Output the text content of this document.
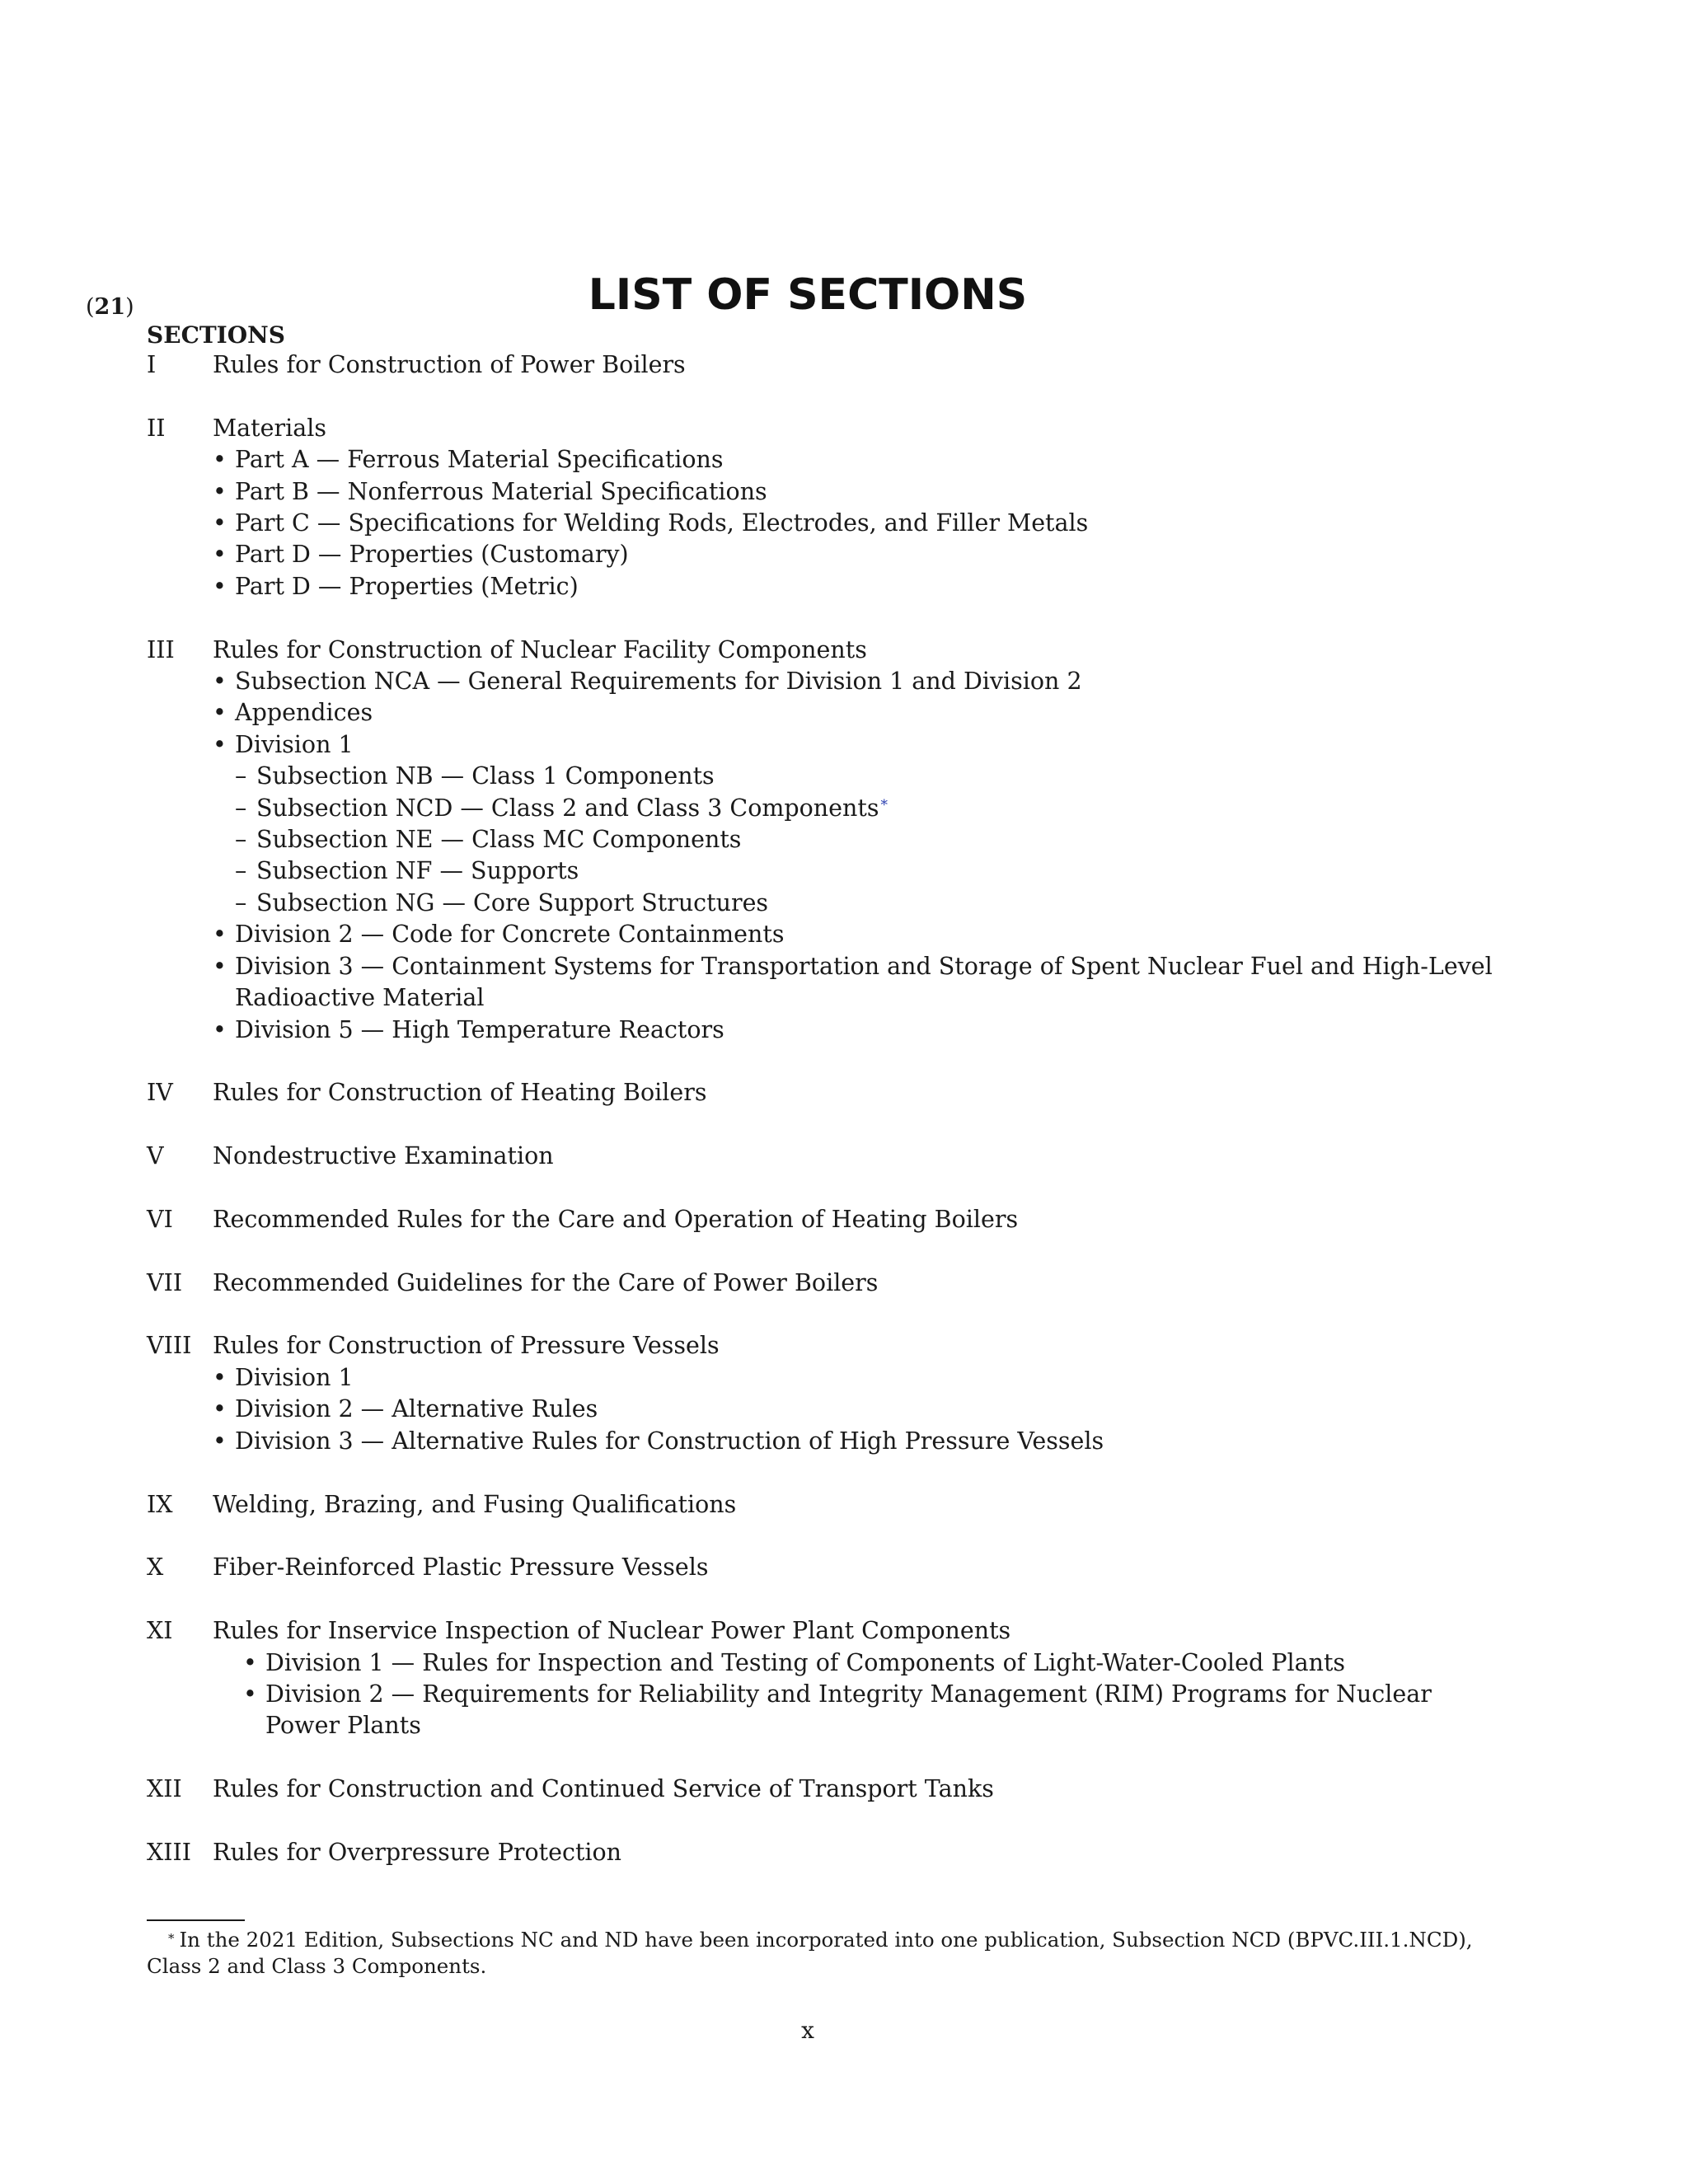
(21)	LIST OF SECTIONS
SECTIONS
I Rules for Construction of Power Boilers
II Materials
• Part A — Ferrous Material Specifications
• Part B — Nonferrous Material Specifications
• Part C — Specifications for Welding Rods, Electrodes, and Filler Metals
• Part D — Properties (Customary)
• Part D — Properties (Metric)
III Rules for Construction of Nuclear Facility Components
• Subsection NCA — General Requirements for Division 1 and Division 2
• Appendices
• Division 1
– Subsection NB — Class 1 Components
– Subsection NCD — Class 2 and Class 3 Components *
– Subsection NE — Class MC Components
– Subsection NF — Supports
– Subsection NG — Core Support Structures
• Division 2 — Code for Concrete Containments
• Division 3 — Containment Systems for Transportation and Storage of Spent Nuclear Fuel and High-Level Radioactive Material
• Division 5 — High Temperature Reactors
IV Rules for Construction of Heating Boilers
V Nondestructive Examination
VI Recommended Rules for the Care and Operation of Heating Boilers
VII Recommended Guidelines for the Care of Power Boilers
VIII Rules for Construction of Pressure Vessels
• Division 1
• Division 2 — Alternative Rules
• Division 3 — Alternative Rules for Construction of High Pressure Vessels
IX Welding, Brazing, and Fusing Qualifications
X Fiber-Reinforced Plastic Pressure Vessels
XI Rules for Inservice Inspection of Nuclear Power Plant Components
• Division 1 — Rules for Inspection and Testing of Components of Light-Water-Cooled Plants
• Division 2 — Requirements for Reliability and Integrity Management (RIM) Programs for Nuclear Power Plants
XII Rules for Construction and Continued Service of Transport Tanks
XIII Rules for Overpressure Protection
* In the 2021 Edition, Subsections NC and ND have been incorporated into one publication, Subsection NCD (BPVC.III.1.NCD), Class 2 and Class 3 Components.
x
